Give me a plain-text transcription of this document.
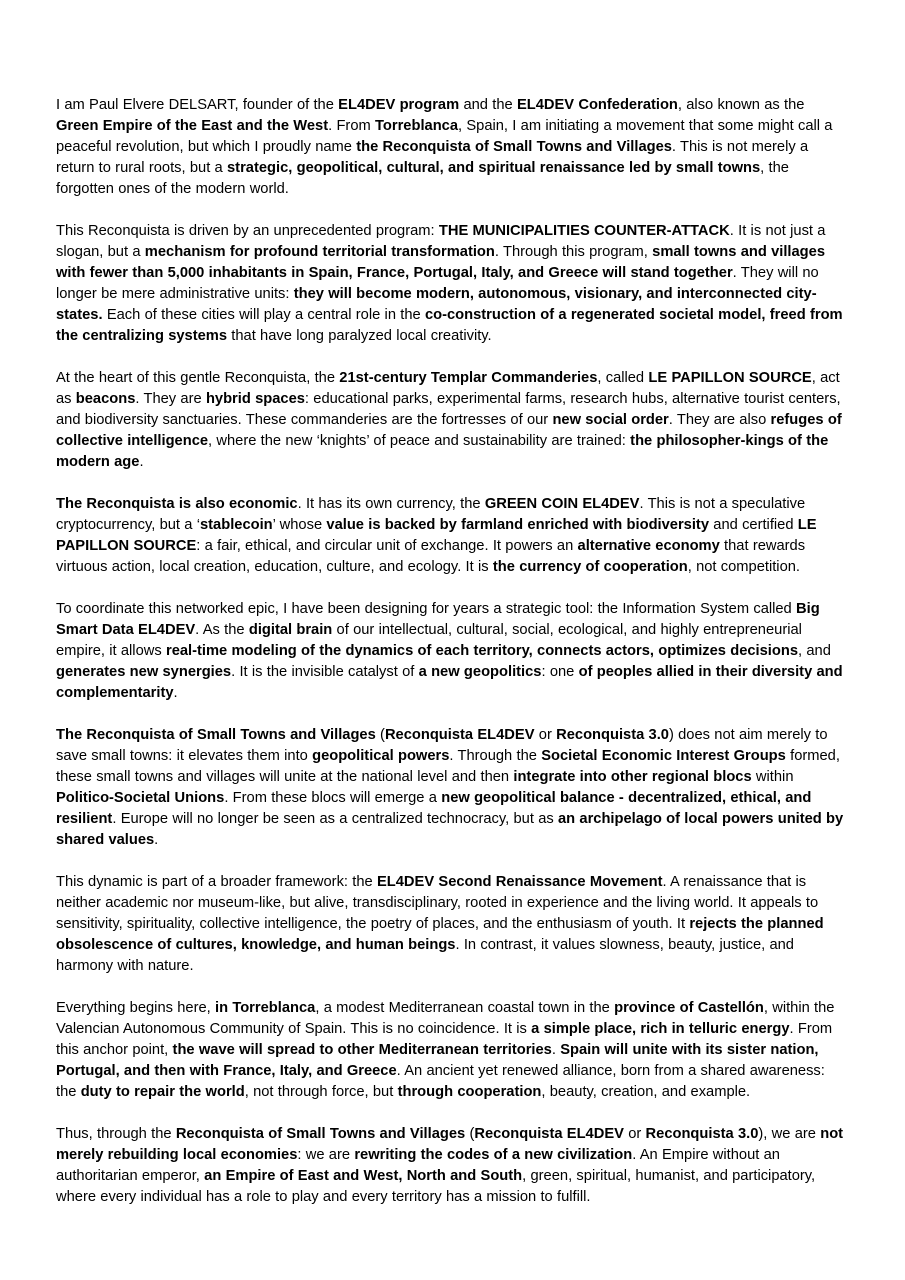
I am Paul Elvere DELSART, founder of the EL4DEV program and the EL4DEV Confederation, also known as the Green Empire of the East and the West. From Torreblanca, Spain, I am initiating a movement that some might call a peaceful revolution, but which I proudly name the Reconquista of Small Towns and Villages. This is not merely a return to rural roots, but a strategic, geopolitical, cultural, and spiritual renaissance led by small towns, the forgotten ones of the modern world.

This Reconquista is driven by an unprecedented program: THE MUNICIPALITIES COUNTER-ATTACK. It is not just a slogan, but a mechanism for profound territorial transformation. Through this program, small towns and villages with fewer than 5,000 inhabitants in Spain, France, Portugal, Italy, and Greece will stand together. They will no longer be mere administrative units: they will become modern, autonomous, visionary, and interconnected city-states. Each of these cities will play a central role in the co-construction of a regenerated societal model, freed from the centralizing systems that have long paralyzed local creativity.

At the heart of this gentle Reconquista, the 21st-century Templar Commanderies, called LE PAPILLON SOURCE, act as beacons. They are hybrid spaces: educational parks, experimental farms, research hubs, alternative tourist centers, and biodiversity sanctuaries. These commanderies are the fortresses of our new social order. They are also refuges of collective intelligence, where the new ‘knights’ of peace and sustainability are trained: the philosopher-kings of the modern age.

The Reconquista is also economic. It has its own currency, the GREEN COIN EL4DEV. This is not a speculative cryptocurrency, but a ‘stablecoin’ whose value is backed by farmland enriched with biodiversity and certified LE PAPILLON SOURCE: a fair, ethical, and circular unit of exchange. It powers an alternative economy that rewards virtuous action, local creation, education, culture, and ecology. It is the currency of cooperation, not competition.

To coordinate this networked epic, I have been designing for years a strategic tool: the Information System called Big Smart Data EL4DEV. As the digital brain of our intellectual, cultural, social, ecological, and highly entrepreneurial empire, it allows real-time modeling of the dynamics of each territory, connects actors, optimizes decisions, and generates new synergies. It is the invisible catalyst of a new geopolitics: one of peoples allied in their diversity and complementarity.

The Reconquista of Small Towns and Villages (Reconquista EL4DEV or Reconquista 3.0) does not aim merely to save small towns: it elevates them into geopolitical powers. Through the Societal Economic Interest Groups formed, these small towns and villages will unite at the national level and then integrate into other regional blocs within Politico-Societal Unions. From these blocs will emerge a new geopolitical balance - decentralized, ethical, and resilient. Europe will no longer be seen as a centralized technocracy, but as an archipelago of local powers united by shared values.

This dynamic is part of a broader framework: the EL4DEV Second Renaissance Movement. A renaissance that is neither academic nor museum-like, but alive, transdisciplinary, rooted in experience and the living world. It appeals to sensitivity, spirituality, collective intelligence, the poetry of places, and the enthusiasm of youth. It rejects the planned obsolescence of cultures, knowledge, and human beings. In contrast, it values slowness, beauty, justice, and harmony with nature.

Everything begins here, in Torreblanca, a modest Mediterranean coastal town in the province of Castellón, within the Valencian Autonomous Community of Spain. This is no coincidence. It is a simple place, rich in telluric energy. From this anchor point, the wave will spread to other Mediterranean territories. Spain will unite with its sister nation, Portugal, and then with France, Italy, and Greece. An ancient yet renewed alliance, born from a shared awareness: the duty to repair the world, not through force, but through cooperation, beauty, creation, and example.

Thus, through the Reconquista of Small Towns and Villages (Reconquista EL4DEV or Reconquista 3.0), we are not merely rebuilding local economies: we are rewriting the codes of a new civilization. An Empire without an authoritarian emperor, an Empire of East and West, North and South, green, spiritual, humanist, and participatory, where every individual has a role to play and every territory has a mission to fulfill.
